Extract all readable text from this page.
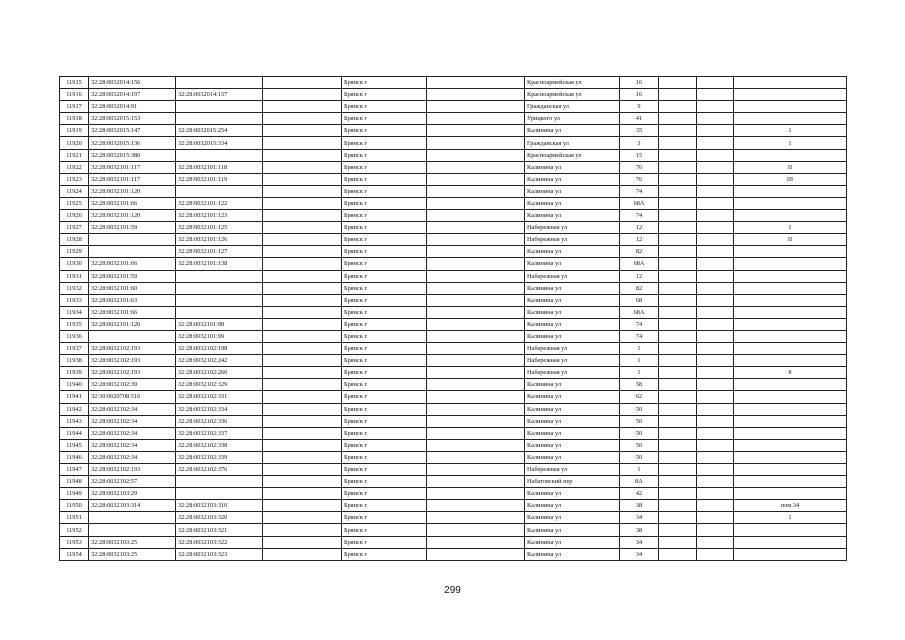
11915	32:28:0032014:156			Брянск г		Красноармейская ул	16			
11916	32:28:0032014:197	32:28:0032014:157		Брянск г		Красноармейская ул	16			
11917	32:28:0032014:91			Брянск г		Гражданская ул	9			
11918	32:28:0032015:153			Брянск г		Урицкого ул	41			
11919	32:28:0032015:147	32:28:0032015:254		Брянск г		Калинина ул	35			1
11920	32:28:0032015:136	32:28:0032015:334		Брянск г		Гражданская ул	3			1
11921	32:28:0032015:380			Брянск г		Красноармейская ул	15			
11922	32:28:0032101:117	32:28:0032101:118		Брянск г		Калинина ул	76			II
11923	32:28:0032101:117	32:28:0032101:119		Брянск г		Калинина ул	76			III
11924	32:28:0032101:120			Брянск г		Калинина ул	74			
11925	32:28:0032101:66	32:28:0032101:122		Брянск г		Калинина ул	68А			
11926	32:28:0032101:120	32:28:0032101:123		Брянск г		Калинина ул	74			
11927	32:28:0032101:59	32:28:0032101:125		Брянск г		Набережная ул	12			1
11928		32:28:0032101:126		Брянск г		Набережная ул	12			II
11929		32:28:0032101:127		Брянск г		Калинина ул	82			
11930	32:28:0032101:66	32:28:0032101:138		Брянск г		Калинина ул	68А			
11931	32:28:0032101:59			Брянск г		Набережная ул	12			
11932	32:28:0032101:60			Брянск г		Калинина ул	82			
11933	32:28:0032101:63			Брянск г		Калинина ул	68			
11934	32:28:0032101:66			Брянск г		Калинина ул	68А			
11935	32:28:0032101:120	32:28:0032101:98		Брянск г		Калинина ул	74			
11936		32:28:0032101:99		Брянск г		Калинина ул	74			
11937	32:28:0032102:193	32:28:0032102:198		Брянск г		Набережная ул	1			
11938	32:28:0032102:193	32:28:0032102:242		Брянск г		Набережная ул	1			
11939	32:28:0032102:193	32:28:0032102:266		Брянск г		Набережная ул	1			8
11940	32:28:0032102:39	32:28:0032102:329		Брянск г		Калинина ул	58			
11941	32:30:0020708:516	32:28:0032102:331		Брянск г		Калинина ул	62			
11942	32:28:0032102:34	32:28:0032102:334		Брянск г		Калинина ул	50			
11943	32:28:0032102:34	32:28:0032102:336		Брянск г		Калинина ул	50			
11944	32:28:0032102:34	32:28:0032102:337		Брянск г		Калинина ул	50			
11945	32:28:0032102:34	32:28:0032102:338		Брянск г		Калинина ул	50			
11946	32:28:0032102:34	32:28:0032102:339		Брянск г		Калинина ул	50			
11947	32:28:0032102:193	32:28:0032102:376		Брянск г		Набережная ул	1			
11948	32:28:0032102:57			Брянск г		Набатовский пер	8А			
11949	32:28:0032103:29			Брянск г		Калинина ул	42			
11950	32:28:0032103:314	32:28:0032103:310		Брянск г		Калинина ул	38			пом.34
11951		32:28:0032103:320		Брянск г		Калинина ул	34			1
11952		32:28:0032103:321		Брянск г		Калинина ул	38			
11953	32:28:0032103:25	32:28:0032103:322		Брянск г		Калинина ул	34			
11954	32:28:0032103:25	32:28:0032103:323		Брянск г		Калинина ул	34			
299
